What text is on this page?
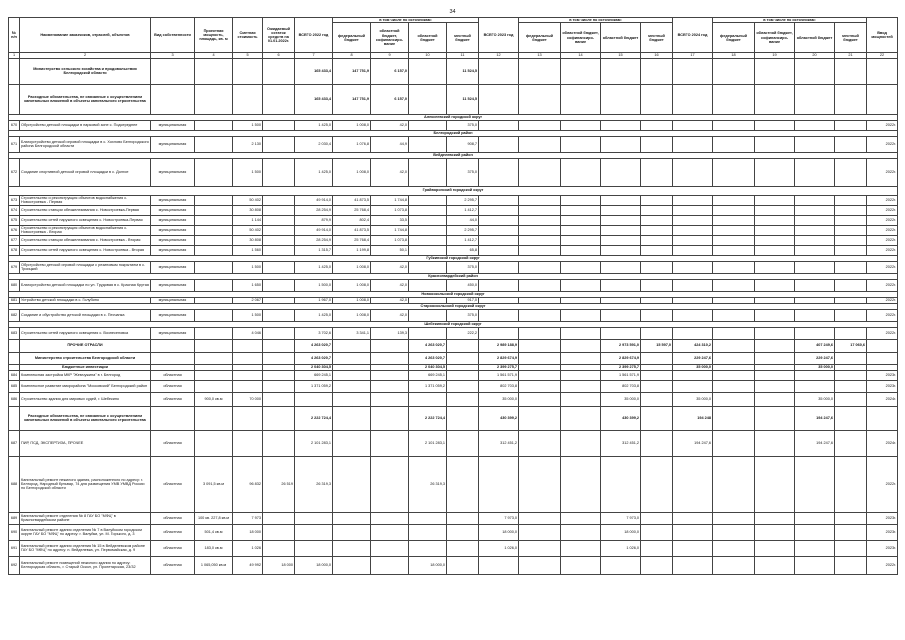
34
№ п/п	Наименование заказчиков, отраслей, объектов	Вид собственности	Проектная мощность, площадь, кв. м	Сметная стоимость	Ожидаемый остаток средств на 01.01.2022г.	ВСЕГО 2022 год	в том числе по источникам:				ВСЕГО 2023 год	в том числе по источникам:				ВСЕГО 2024 год	в том числе по источникам:				Ввод мощностей
							федеральный бюджет	областной бюджет, софинансиро-вание	областной бюджет	местный бюджет		федеральный бюджет	областной бюджет, софинансиро-вание	областной бюджет	местный бюджет		федеральный бюджет	областной бюджет, софинансиро-вание	областной бюджет	местный бюджет	
1	2	3	4	5	6	7	8	9	10	11	12	13	14	15	16	17	18	19	20	21	22
	Министерство сельского хозяйства и продовольствия Белгородской области					165 433,4	147 751,9	6 157,0		11 524,5											
	Расходные обязательства, не связанные с осуществлением капитальных вложений в объекты капитального строительства					165 433,4	147 751,9	6 157,0		11 524,5											
Алексеевский городской округ																					
670	Обустройство детской площадки в парковой зоне с. Подсереднее	муниципальная		1 500		1 425,0	1 008,0	42,0		375,0											2022г.
Белгородский район																					
671	Благоустройство детской игровой площадки в с. Хохлово Белгородского района Белгородской области	муниципальная		2 130		2 030,4	1 076,8	44,9		908,7											2022г.
Вейделевский район																					
672	Создание спортивной детской игровой площадки в с. Долгое	муниципальная		1 500		1 425,0	1 008,0	42,0		375,0											2022г.
Грайворонский городской округ																					
673	Строительство и реконструкция объектов водоснабжения с. Новостроевка - Первая	муниципальная		50 402		49 914,0	41 873,5	1 744,8		2 295,7											2022г.
674	Строительство станции обезжелезивания с. Новостроевка-Первая	муниципальная		30 808		28 254,9	25 768,4	1 073,8		1 412,7											2022г.
675	Строительство сетей наружного освещения с. Новостроевка-Первая	муниципальная		1 144		879,9	802,4	33,5		44,0											2022г.
676	Строительство и реконструкция объектов водоснабжения с. Новостроевка - Вторая	муниципальная		50 402		49 914,0	41 873,5	1 744,8		2 295,7											2022г.
677	Строительство станции обезжелезивания с. Новостроевка - Вторая	муниципальная		30 808		28 254,9	25 768,4	1 073,8		1 412,7											2022г.
678	Строительство сетей наружного освещения с. Новостроевка - Вторая	муниципальная		1 560		1 315,7	1 199,8	50,1		65,8											2022г.
Губкинский городской округ																					
679	Обустройство детской игровой площадки с резиновым покрытием в с. Троицкий	муниципальная		1 500		1 425,0	1 008,0	42,0		375,0											2022г.
Красногвардейский район																					
680	Благоустройство детской площадки по ул. Трудовая в с. Красная Крутая	муниципальная		1 650		1 500,0	1 008,0	42,0		450,0											2022г.
Новооскольский городской округ																					
681	Устройство детской площадки в с. Голубино	муниципальная		2 067		1 967,0	1 008,0	42,0		917,0											2022г.
Старооскольский городской округ																					
682	Создание и обустройство детской площадки в с. Песчанка	муниципальная		1 500		1 425,0	1 008,0	42,0		375,0											2022г.
Шебекинский городской округ																					
683	Строительство сетей наружного освещения с. Вознесеновка	муниципальная		4 046		3 702,6	3 341,1	139,3		222,2											2022г.
	ПРОЧИЕ ОТРАСЛИ					4 263 020,7			4 263 020,7		2 989 188,9			2 973 591,0	15 597,0	424 310,2			407 249,6	17 060,6	
	Министерство строительства Белгородской области					4 263 020,7			4 263 020,7		2 829 674,9			2 829 674,9		229 247,6			229 247,6		
	Бюджетные инвестиции					2 040 304,5			2 040 304,5		2 399 275,7			2 399 275,7		35 000,0			35 000,0		
684	Комплексная застройка МКР "Жемчужина" в г. Белгород	областная				669 245,1			669 245,1		1 561 571,9			1 561 571,9							2023г.
685	Комплексное развитие микрорайона "Московский" Белгородский район	областная				1 371 059,2			1 371 059,2		802 703,8			802 703,8							2023г.
686	Строительство здания для мировых судей, г. Шебекино	областная	900,0 кв.м	70 000							35 000,0			35 000,0		35 000,0			35 000,0		2024г.
	Расходные обязательства, не связанные с осуществлением капитальных вложений в объекты капитального строительства					2 222 724,4			2 222 724,4		430 399,2			430 399,2		194 248			194 247,6		
687	ПИР, ПСД, ЭКСПЕРТИЗА, ПРОЧЕЕ	областная				2 101 283,1			2 101 283,1		312 451,2			312 451,2		194 247,6			194 247,6		2024г.
688	Капитальный ремонт нежилого здания, расположенного по адресу: г. Белгород, Народный бульвар, 74 для размещения УМВ УМВД России по Белгородской области	областная	3 091,5 кв.м	96 832	26 519	26 319,3			26 319,3												2022г.
689	Капитальный ремонт отделения № 8 ГАУ БО "МФЦ" в Красногвардейском районе	областная	100 кв. 227,8 кв.м	7 973							7 973,0			7 973,0							2023г.
690	Капитальный ремонт здания отделения № 7 в Валуйском городском округе ГАУ БО "МФЦ" по адресу: г. Валуйки, ул. М. Горького, д. 3	областная	501,4 кв.м	18 000							18 000,0			18 000,0							2023г.
691	Капитальный ремонт здания отделения № 15 в Вейделевском районе ГАУ БО "МФЦ" по адресу: п. Вейделевка, ул. Первомайская, д. 9	областная	183,0 кв.м	1 026							1 026,0			1 026,0							2023г.
692	Капитальный ремонт помещений нежилого здания по адресу: Белгородская область, г. Старый Оскол, ул. Пролетарская, 23/32	областная	1 065,050 кв.м	49 992	18 000	18 000,0			18 000,0												2022г.
